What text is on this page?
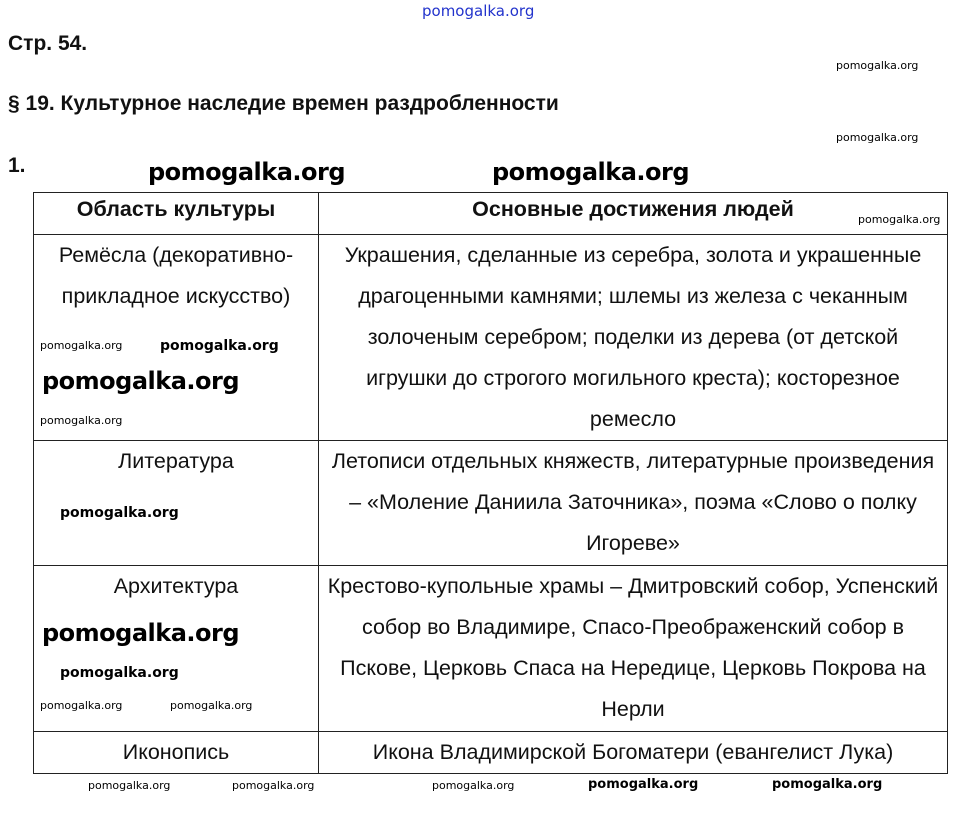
pomogalka.org
Стр. 54.
§ 19. Культурное наследие времен раздробленности
1.
Область культуры	Основные достижения людей
Ремёсла (декоративно-прикладное искусство)	Украшения, сделанные из серебра, золота и украшенные драгоценными камнями; шлемы из железа с чеканным золоченым серебром; поделки из дерева (от детской игрушки до строгого могильного креста); косторезное ремесло
Литература	Летописи отдельных княжеств, литературные произведения – «Моление Даниила Заточника», поэма «Слово о полку Игореве»
Архитектура	Крестово-купольные храмы – Дмитровский собор, Успенский собор во Владимире, Спасо-Преображенский собор в Пскове, Церковь Спаса на Нередице, Церковь Покрова на Нерли
Иконопись	Икона Владимирской Богоматери (евангелист Лука)
pomogalka.org
pomogalka.org
pomogalka.org	pomogalka.org
pomogalka.org
pomogalka.org	pomogalka.org
pomogalka.org
pomogalka.org
pomogalka.org
pomogalka.org
pomogalka.org
pomogalka.org
pomogalka.org
pomogalka.org	pomogalka.org	pomogalka.org	pomogalka.org	pomogalka.org
